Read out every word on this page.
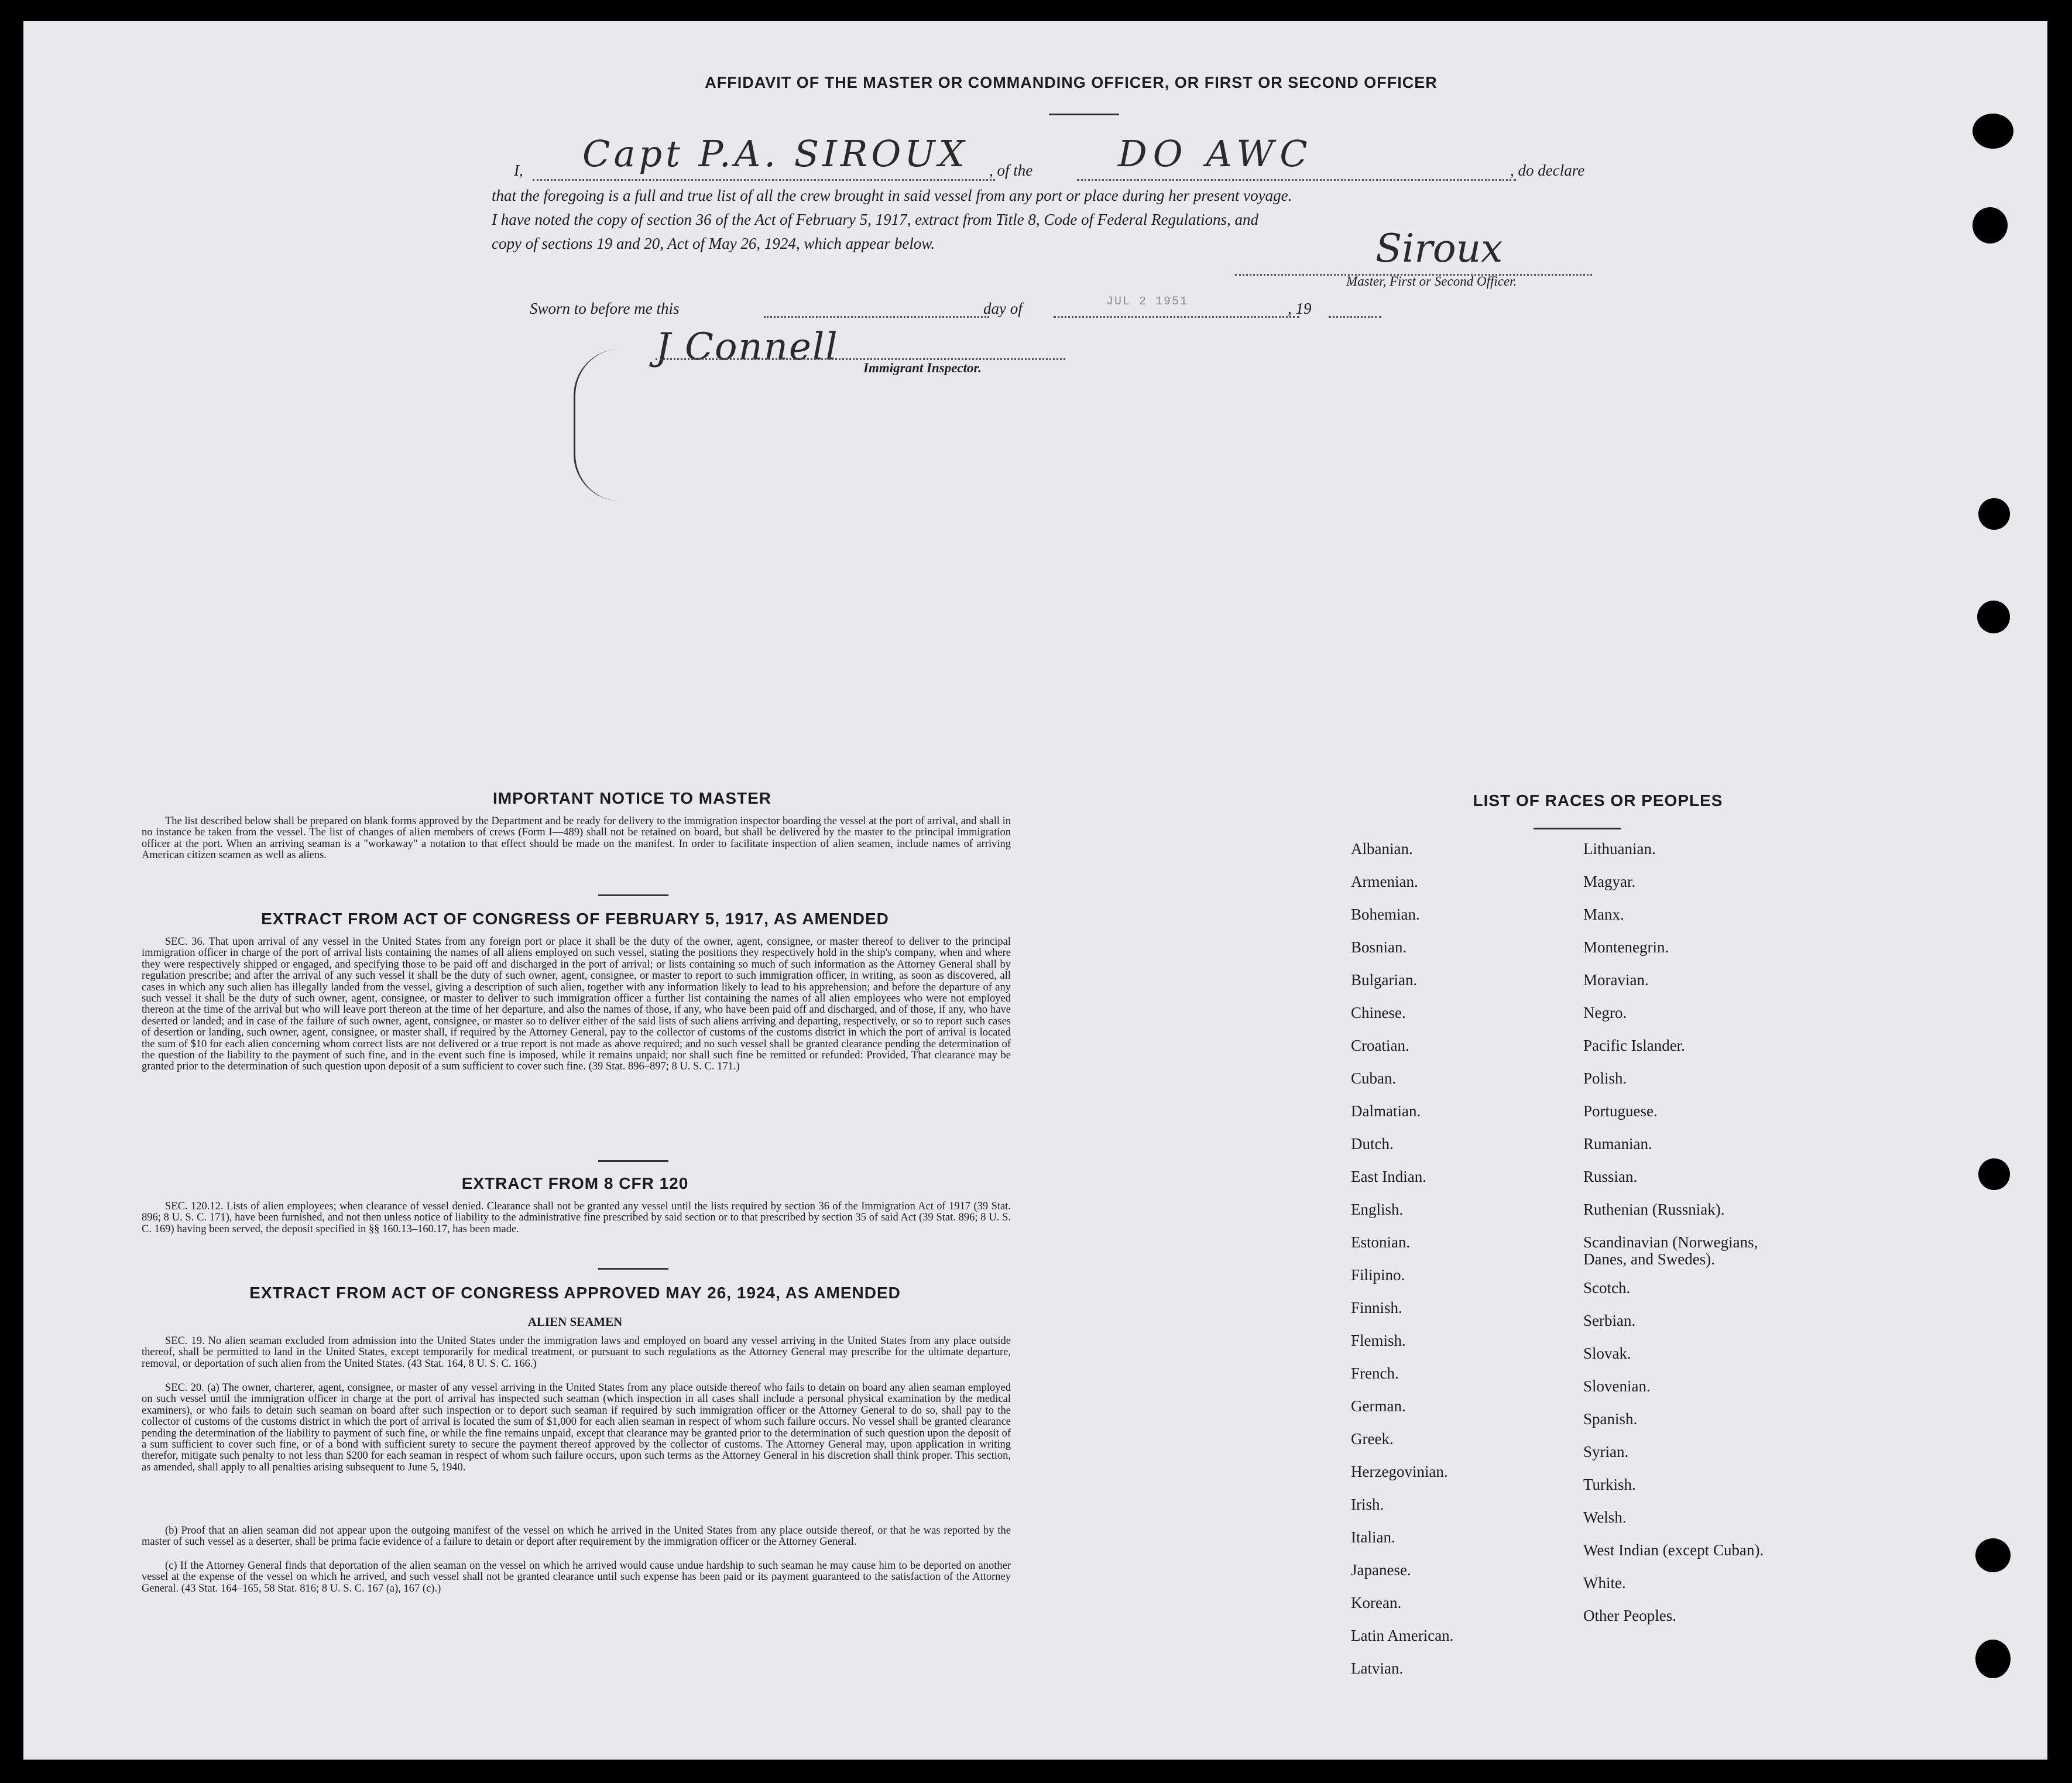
AFFIDAVIT OF THE MASTER OR COMMANDING OFFICER, OR FIRST OR SECOND OFFICER
I, Capt P.A. SIROUX , of the DO AWC	, do declare
that the foregoing is a full and true list of all the crew brought in said vessel from any port or place during her present voyage.
I have noted the copy of section 36 of the Act of February 5, 1917, extract from Title 8, Code of Federal Regulations, and
copy of sections 19 and 20, Act of May 26, 1924, which appear below.	Siroux
Master, First or Second Officer.
Sworn to before me this	day of	JUL 2 1951	, 19
J Connell Immigrant Inspector.
IMPORTANT NOTICE TO MASTER
The list described below shall be prepared on blank forms approved by the Department and be ready for delivery to the immigration inspector boarding the vessel at the port of arrival, and shall in no instance be taken from the vessel. The list of changes of alien members of crews (Form I—489) shall not be retained on board, but shall be delivered by the master to the principal immigration officer at the port. When an arriving seaman is a "workaway" a notation to that effect should be made on the manifest. In order to facilitate inspection of alien seamen, include names of arriving American citizen seamen as well as aliens.
EXTRACT FROM ACT OF CONGRESS OF FEBRUARY 5, 1917, AS AMENDED
SEC. 36. That upon arrival of any vessel in the United States from any foreign port or place it shall be the duty of the owner, agent, consignee, or master thereof to deliver to the principal immigration officer in charge of the port of arrival lists containing the names of all aliens employed on such vessel, stating the positions they respectively hold in the ship's company, when and where they were respectively shipped or engaged, and specifying those to be paid off and discharged in the port of arrival; or lists containing so much of such information as the Attorney General shall by regulation prescribe; and after the arrival of any such vessel it shall be the duty of such owner, agent, consignee, or master to report to such immigration officer, in writing, as soon as discovered, all cases in which any such alien has illegally landed from the vessel, giving a description of such alien, together with any information likely to lead to his apprehension; and before the departure of any such vessel it shall be the duty of such owner, agent, consignee, or master to deliver to such immigration officer a further list containing the names of all alien employees who were not employed thereon at the time of the arrival but who will leave port thereon at the time of her departure, and also the names of those, if any, who have been paid off and discharged, and of those, if any, who have deserted or landed; and in case of the failure of such owner, agent, consignee, or master so to deliver either of the said lists of such aliens arriving and departing, respectively, or so to report such cases of desertion or landing, such owner, agent, consignee, or master shall, if required by the Attorney General, pay to the collector of customs of the customs district in which the port of arrival is located the sum of $10 for each alien concerning whom correct lists are not delivered or a true report is not made as above required; and no such vessel shall be granted clearance pending the determination of the question of the liability to the payment of such fine, and in the event such fine is imposed, while it remains unpaid; nor shall such fine be remitted or refunded: Provided, That clearance may be granted prior to the determination of such question upon deposit of a sum sufficient to cover such fine. (39 Stat. 896–897; 8 U. S. C. 171.)
EXTRACT FROM 8 CFR 120
SEC. 120.12. Lists of alien employees; when clearance of vessel denied. Clearance shall not be granted any vessel until the lists required by section 36 of the Immigration Act of 1917 (39 Stat. 896; 8 U. S. C. 171), have been furnished, and not then unless notice of liability to the administrative fine prescribed by said section or to that prescribed by section 35 of said Act (39 Stat. 896; 8 U. S. C. 169) having been served, the deposit specified in §§ 160.13–160.17, has been made.
EXTRACT FROM ACT OF CONGRESS APPROVED MAY 26, 1924, AS AMENDED
ALIEN SEAMEN
SEC. 19. No alien seaman excluded from admission into the United States under the immigration laws and employed on board any vessel arriving in the United States from any place outside thereof, shall be permitted to land in the United States, except temporarily for medical treatment, or pursuant to such regulations as the Attorney General may prescribe for the ultimate departure, removal, or deportation of such alien from the United States. (43 Stat. 164, 8 U. S. C. 166.)
SEC. 20. (a) The owner, charterer, agent, consignee, or master of any vessel arriving in the United States from any place outside thereof who fails to detain on board any alien seaman employed on such vessel until the immigration officer in charge at the port of arrival has inspected such seaman (which inspection in all cases shall include a personal physical examination by the medical examiners), or who fails to detain such seaman on board after such inspection or to deport such seaman if required by such immigration officer or the Attorney General to do so, shall pay to the collector of customs of the customs district in which the port of arrival is located the sum of $1,000 for each alien seaman in respect of whom such failure occurs. No vessel shall be granted clearance pending the determination of the liability to payment of such fine, or while the fine remains unpaid, except that clearance may be granted prior to the determination of such question upon the deposit of a sum sufficient to cover such fine, or of a bond with sufficient surety to secure the payment thereof approved by the collector of customs. The Attorney General may, upon application in writing therefor, mitigate such penalty to not less than $200 for each seaman in respect of whom such failure occurs, upon such terms as the Attorney General in his discretion shall think proper. This section, as amended, shall apply to all penalties arising subsequent to June 5, 1940.
(b) Proof that an alien seaman did not appear upon the outgoing manifest of the vessel on which he arrived in the United States from any place outside thereof, or that he was reported by the master of such vessel as a deserter, shall be prima facie evidence of a failure to detain or deport after requirement by the immigration officer or the Attorney General.
(c) If the Attorney General finds that deportation of the alien seaman on the vessel on which he arrived would cause undue hardship to such seaman he may cause him to be deported on another vessel at the expense of the vessel on which he arrived, and such vessel shall not be granted clearance until such expense has been paid or its payment guaranteed to the satisfaction of the Attorney General. (43 Stat. 164–165, 58 Stat. 816; 8 U. S. C. 167 (a), 167 (c).)
LIST OF RACES OR PEOPLES
Albanian.
Armenian.
Bohemian.
Bosnian.
Bulgarian.
Chinese.
Croatian.
Cuban.
Dalmatian.
Dutch.
East Indian.
English.
Estonian.
Filipino.
Finnish.
Flemish.
French.
German.
Greek.
Herzegovinian.
Irish.
Italian.
Japanese.
Korean.
Latin American.
Latvian.
Lithuanian.
Magyar.
Manx.
Montenegrin.
Moravian.
Negro.
Pacific Islander.
Polish.
Portuguese.
Rumanian.
Russian.
Ruthenian (Russniak).
Scandinavian (Norwegians,
Danes, and Swedes).
Scotch.
Serbian.
Slovak.
Slovenian.
Spanish.
Syrian.
Turkish.
Welsh.
West Indian (except Cuban).
White.
Other Peoples.
